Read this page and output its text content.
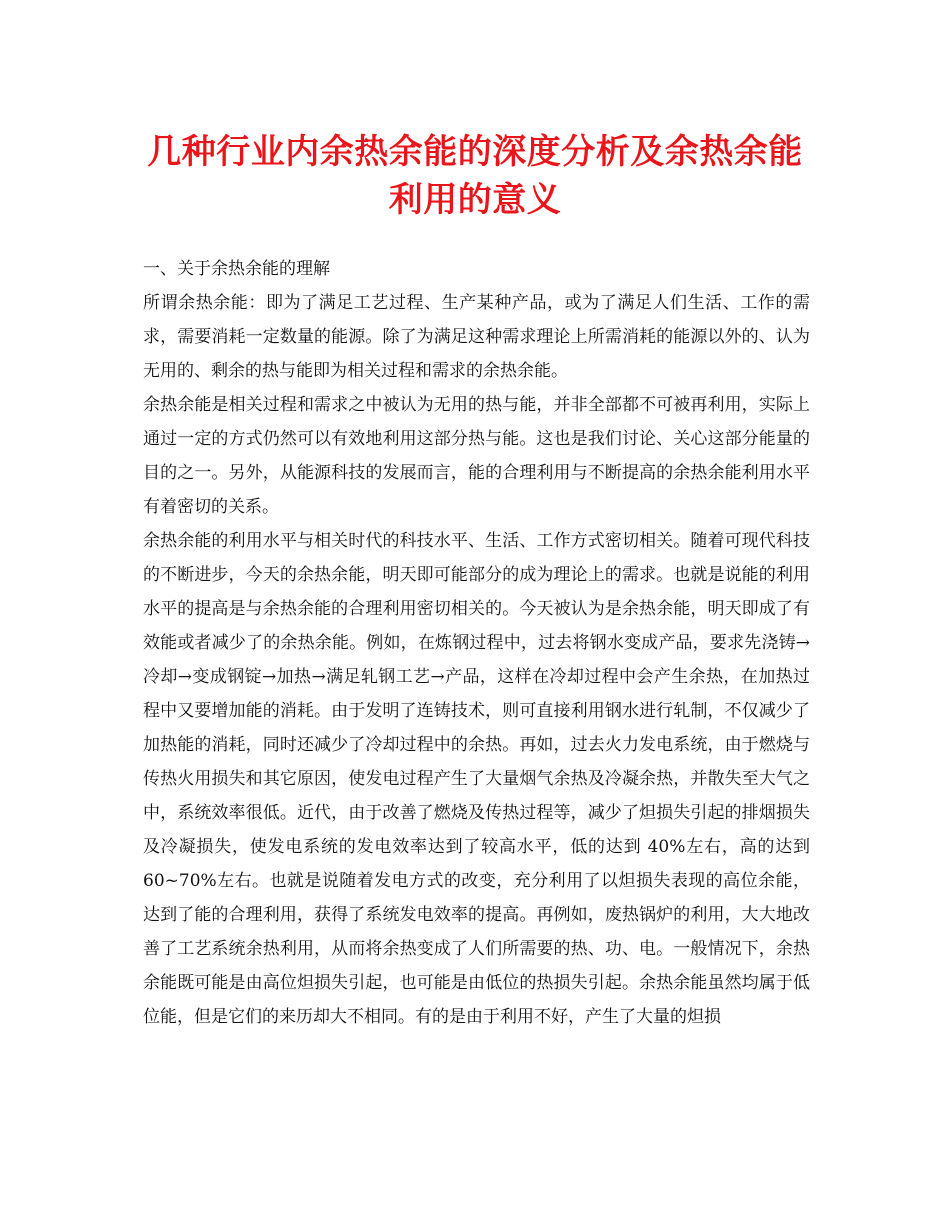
几种行业内余热余能的深度分析及余热余能
利用的意义

一、关于余热余能的理解

所谓余热余能：即为了满足工艺过程、生产某种产品，或为了满足人们生活、工作的需求，需要消耗一定数量的能源。除了为满足这种需求理论上所需消耗的能源以外的、认为无用的、剩余的热与能即为相关过程和需求的余热余能。

余热余能是相关过程和需求之中被认为无用的热与能，并非全部都不可被再利用，实际上通过一定的方式仍然可以有效地利用这部分热与能。这也是我们讨论、关心这部分能量的目的之一。另外，从能源科技的发展而言，能的合理利用与不断提高的余热余能利用水平有着密切的关系。

余热余能的利用水平与相关时代的科技水平、生活、工作方式密切相关。随着可现代科技的不断进步，今天的余热余能，明天即可能部分的成为理论上的需求。也就是说能的利用水平的提高是与余热余能的合理利用密切相关的。今天被认为是余热余能，明天即成了有效能或者减少了的余热余能。例如，在炼钢过程中，过去将钢水变成产品，要求先浇铸→冷却→变成钢锭→加热→满足轧钢工艺→产品，这样在冷却过程中会产生余热，在加热过程中又要增加能的消耗。由于发明了连铸技术，则可直接利用钢水进行轧制，不仅减少了加热能的消耗，同时还减少了冷却过程中的余热。再如，过去火力发电系统，由于燃烧与传热火用损失和其它原因，使发电过程产生了大量烟气余热及冷凝余热，并散失至大气之中，系统效率很低。近代，由于改善了燃烧及传热过程等，减少了炟损失引起的排烟损失及冷凝损失，使发电系统的发电效率达到了较高水平，低的达到 40%左右，高的达到 60~70%左右。也就是说随着发电方式的改变，充分利用了以炟损失表现的高位余能，达到了能的合理利用，获得了系统发电效率的提高。再例如，废热锅炉的利用，大大地改善了工艺系统余热利用，从而将余热变成了人们所需要的热、功、电。一般情况下，余热余能既可能是由高位炟损失引起，也可能是由低位的热损失引起。余热余能虽然均属于低位能，但是它们的来历却大不相同。有的是由于利用不好，产生了大量的炟损
